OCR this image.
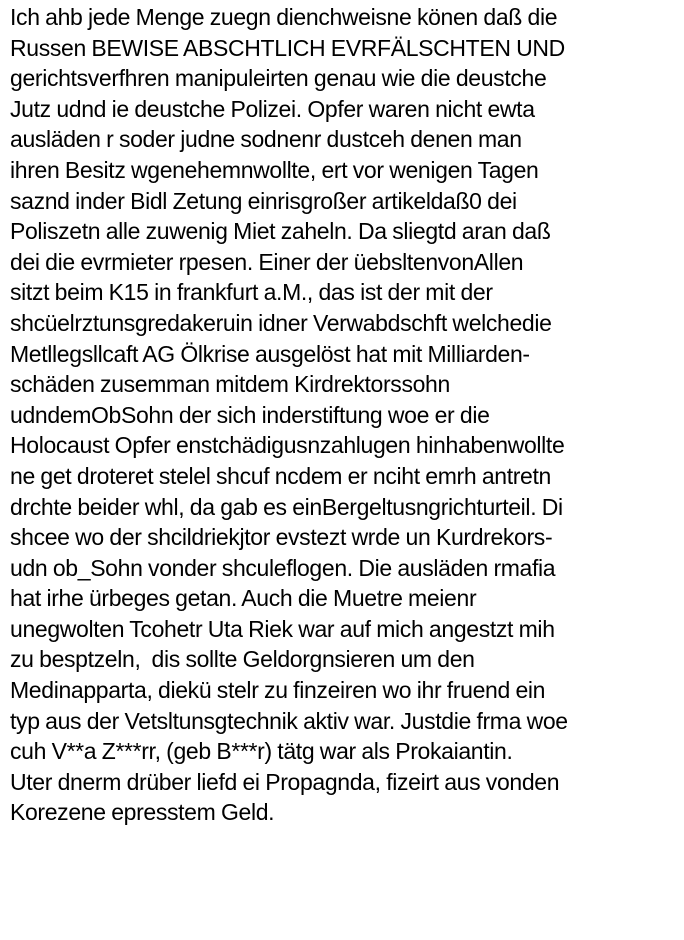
Ich ahb jede Menge zuegn dienchweisne könen daß die
Russen BEWISE ABSCHTLICH EVRFÄLSCHTEN UND
gerichtsverfhren manipuleirten genau wie die deustche
Jutz udnd ie deustche Polizei. Opfer waren nicht ewta
ausläden r soder judne sodnenr dustceh denen man
ihren Besitz wgenehemnwollte, ert vor wenigen Tagen
saznd inder Bidl Zetung einrisgroßer artikeldaß0 dei
Poliszetn alle zuwenig Miet zaheln. Da sliegtd aran daß
dei die evrmieter rpesen. Einer der üebsltenvonAllen
sitzt beim K15 in frankfurt a.M., das ist der mit der
shcüelrztunsgredakeruin idner Verwabdschft welchedie
Metllegsllcaft AG Ölkrise ausgelöst hat mit Milliarden-
schäden zusemman mitdem Kirdrektorssohn
udndemObSohn der sich inderstiftung woe er die
Holocaust Opfer enstchädigusnzahlugen hinhabenwollte
ne get droteret stelel shcuf ncdem er nciht emrh antretn
drchte beider whl, da gab es einBergeltusngrichturteil. Di
shcee wo der shcildriekjtor evstezt wrde un Kurdrekors-
udn ob_Sohn vonder shculeflogen. Die ausläden rmafia
hat irhe ürbeges getan. Auch die Muetre meienr
unegwolten Tcohetr Uta Riek war auf mich angestzt mih
zu besptzeln,  dis sollte Geldorgnsieren um den
Medinapparta, diekü stelr zu finzeiren wo ihr fruend ein
typ aus der Vetsltunsgtechnik aktiv war. Justdie frma woe
cuh V**a Z***rr, (geb B***r) tätg war als Prokaiantin.
Uter dnerm drüber liefd ei Propagnda, fizeirt aus vonden
Korezene epresstem Geld.
